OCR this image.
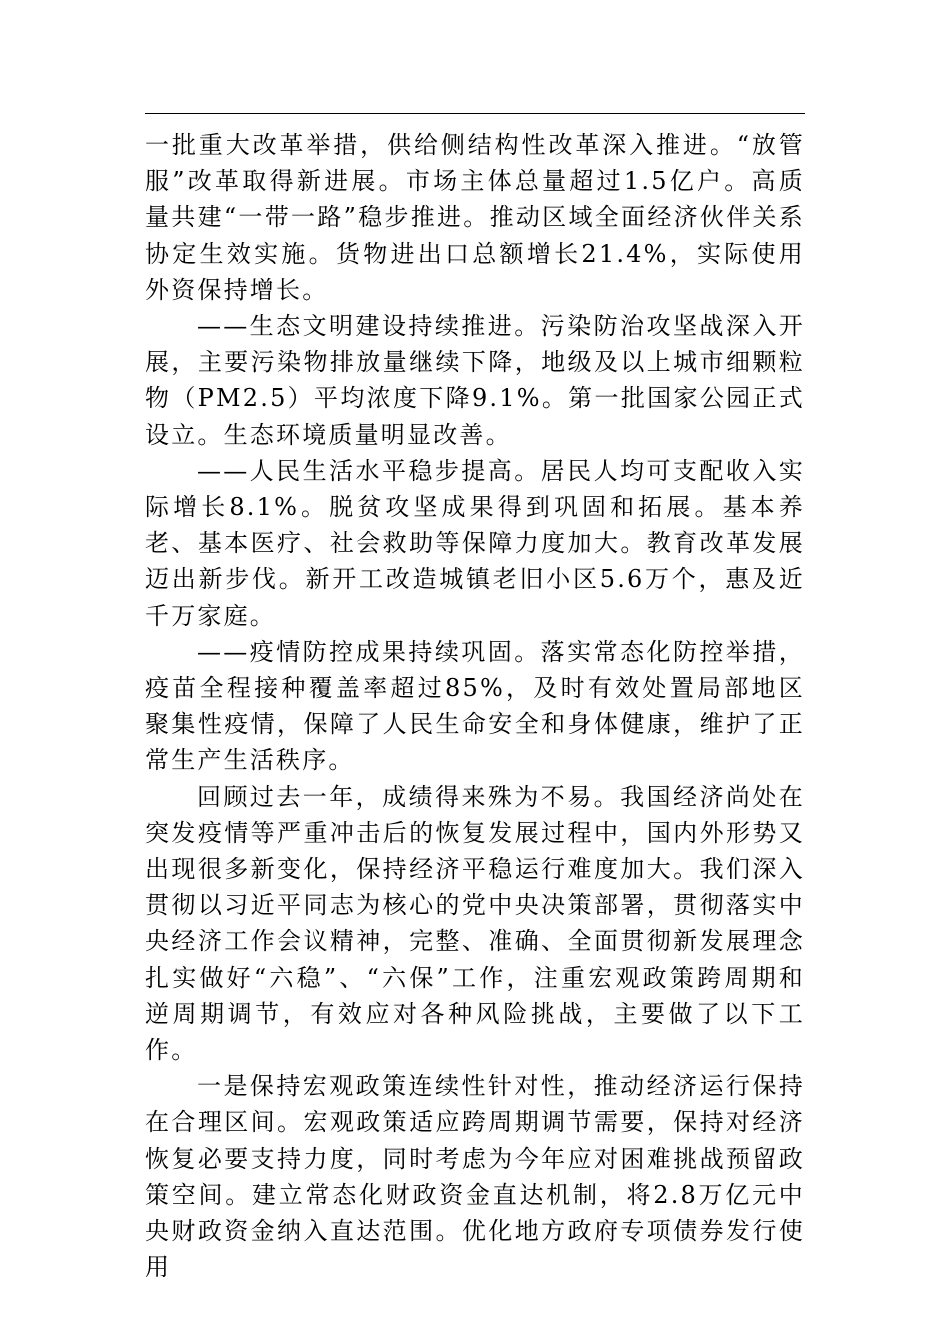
一批重大改革举措，供给侧结构性改革深入推进。“放管服”改革取得新进展。市场主体总量超过1.5亿户。高质量共建“一带一路”稳步推进。推动区域全面经济伙伴关系协定生效实施。货物进出口总额增长21.4%，实际使用外资保持增长。

——生态文明建设持续推进。污染防治攻坚战深入开展，主要污染物排放量继续下降，地级及以上城市细颗粒物（PM2.5）平均浓度下降9.1%。第一批国家公园正式设立。生态环境质量明显改善。

——人民生活水平稳步提高。居民人均可支配收入实际增长8.1%。脱贫攻坚成果得到巩固和拓展。基本养老、基本医疗、社会救助等保障力度加大。教育改革发展迈出新步伐。新开工改造城镇老旧小区5.6万个，惠及近千万家庭。

——疫情防控成果持续巩固。落实常态化防控举措，疫苗全程接种覆盖率超过85%，及时有效处置局部地区聚集性疫情，保障了人民生命安全和身体健康，维护了正常生产生活秩序。

回顾过去一年，成绩得来殊为不易。我国经济尚处在突发疫情等严重冲击后的恢复发展过程中，国内外形势又出现很多新变化，保持经济平稳运行难度加大。我们深入贯彻以习近平同志为核心的党中央决策部署，贯彻落实中央经济工作会议精神，完整、准确、全面贯彻新发展理念扎实做好“六稳”、“六保”工作，注重宏观政策跨周期和逆周期调节，有效应对各种风险挑战，主要做了以下工作。

一是保持宏观政策连续性针对性，推动经济运行保持在合理区间。宏观政策适应跨周期调节需要，保持对经济恢复必要支持力度，同时考虑为今年应对困难挑战预留政策空间。建立常态化财政资金直达机制，将2.8万亿元中央财政资金纳入直达范围。优化地方政府专项债券发行使用
